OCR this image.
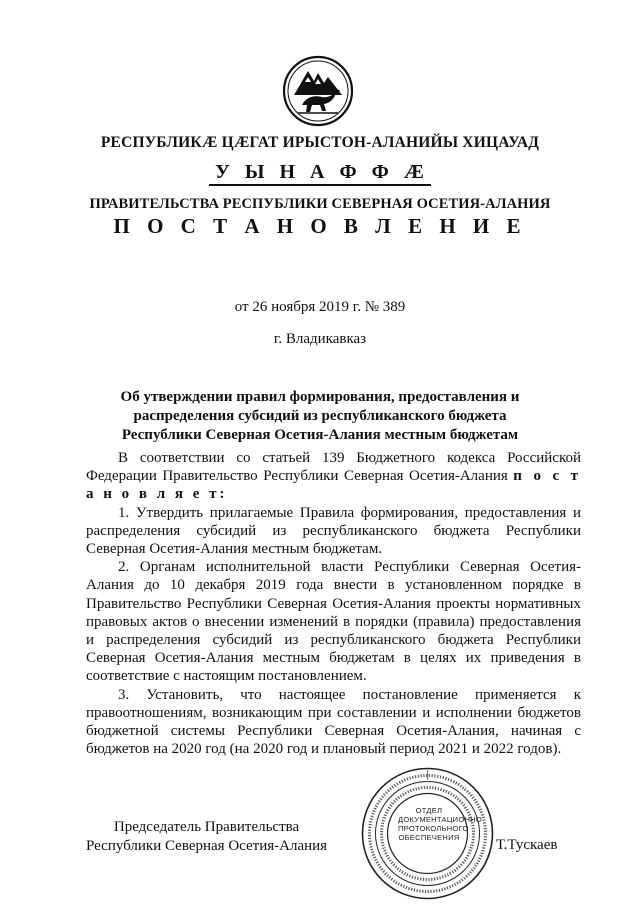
РЕСПУБЛИКÆ ЦÆГАТ ИРЫСТОН-АЛАНИЙЫ ХИЦАУАД
У Ы Н А Ф Ф Æ
ПРАВИТЕЛЬСТВА РЕСПУБЛИКИ СЕВЕРНАЯ ОСЕТИЯ-АЛАНИЯ
П О С Т А Н О В Л Е Н И Е
от 26 ноября 2019 г. № 389
г. Владикавказ
Об утверждении правил формирования, предоставления и
распределения субсидий из республиканского бюджета
Республики Северная Осетия-Алания местным бюджетам

В соответствии со статьей 139 Бюджетного кодекса Российской Федерации Правительство Республики Северная Осетия-Алания п о с т а н о в л я е т:

1. Утвердить прилагаемые Правила формирования, предоставления и распределения субсидий из республиканского бюджета Республики Северная Осетия-Алания местным бюджетам.

2. Органам исполнительной власти Республики Северная Осетия-Алания до 10 декабря 2019 года внести в установленном порядке в Правительство Республики Северная Осетия-Алания проекты нормативных правовых актов о внесении изменений в порядки (правила) предоставления и распределения субсидий из республиканского бюджета Республики Северная Осетия-Алания местным бюджетам в целях их приведения в соответствие с настоящим постановлением.

3. Установить, что настоящее постановление применяется к правоотношениям, возникающим при составлении и исполнении бюджетов бюджетной системы Республики Северная Осетия-Алания, начиная с бюджетов на 2020 год (на 2020 год и плановый период 2021 и 2022 годов).

ОТДЕЛ
ДОКУМЕНТАЦИОННО
ПРОТОКОЛЬНОГО
ОБЕСПЕЧЕНИЯ
Председатель Правительства
Республики Северная Осетия-Алания	Т.Тускаев
